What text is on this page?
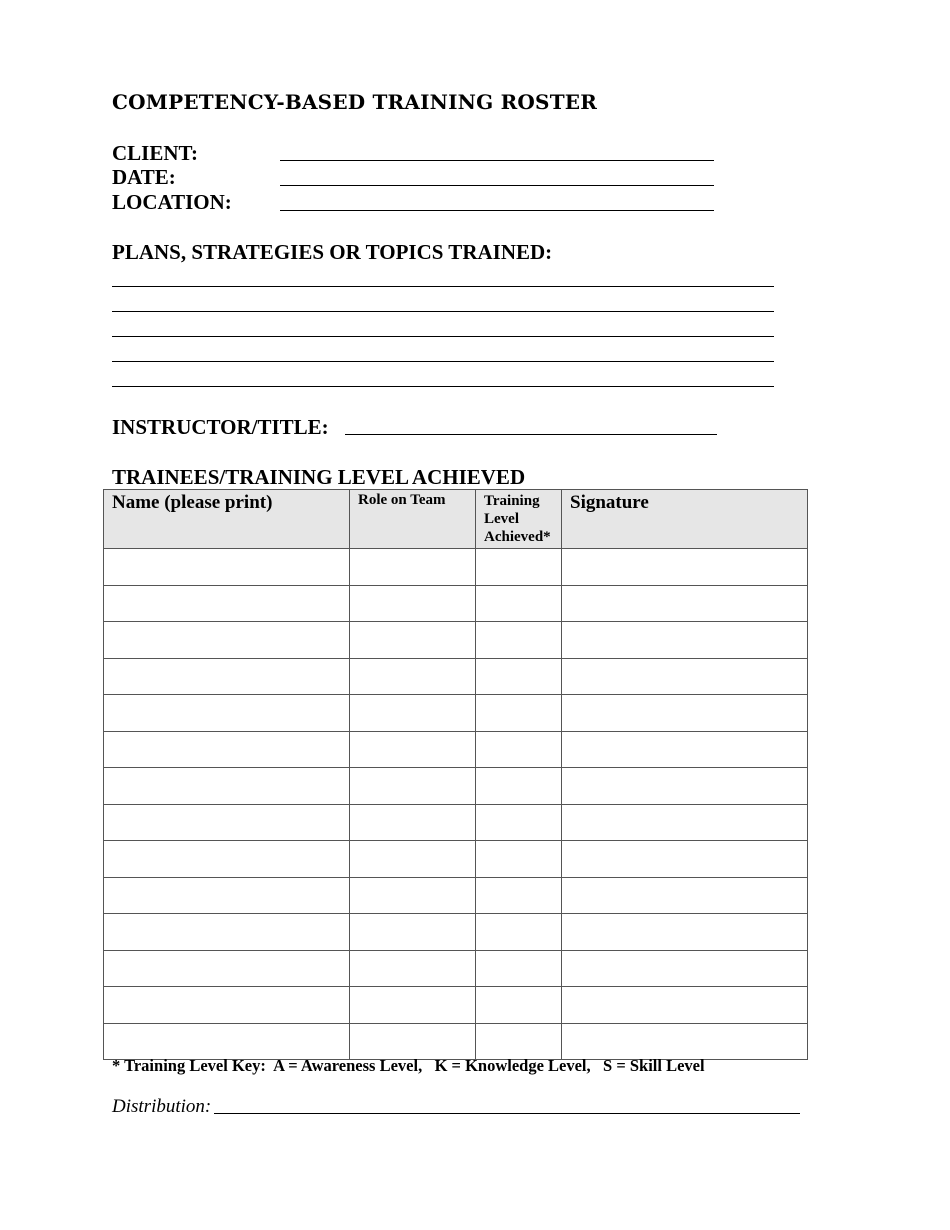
COMPETENCY-BASED TRAINING ROSTER
CLIENT:
DATE:
LOCATION:
PLANS, STRATEGIES OR TOPICS TRAINED:
INSTRUCTOR/TITLE:
TRAINEES/TRAINING LEVEL ACHIEVED
Name (please print)	Role on Team	Training Level Achieved*	Signature

* Training Level Key:  A = Awareness Level,   K = Knowledge Level,   S = Skill Level
Distribution:
